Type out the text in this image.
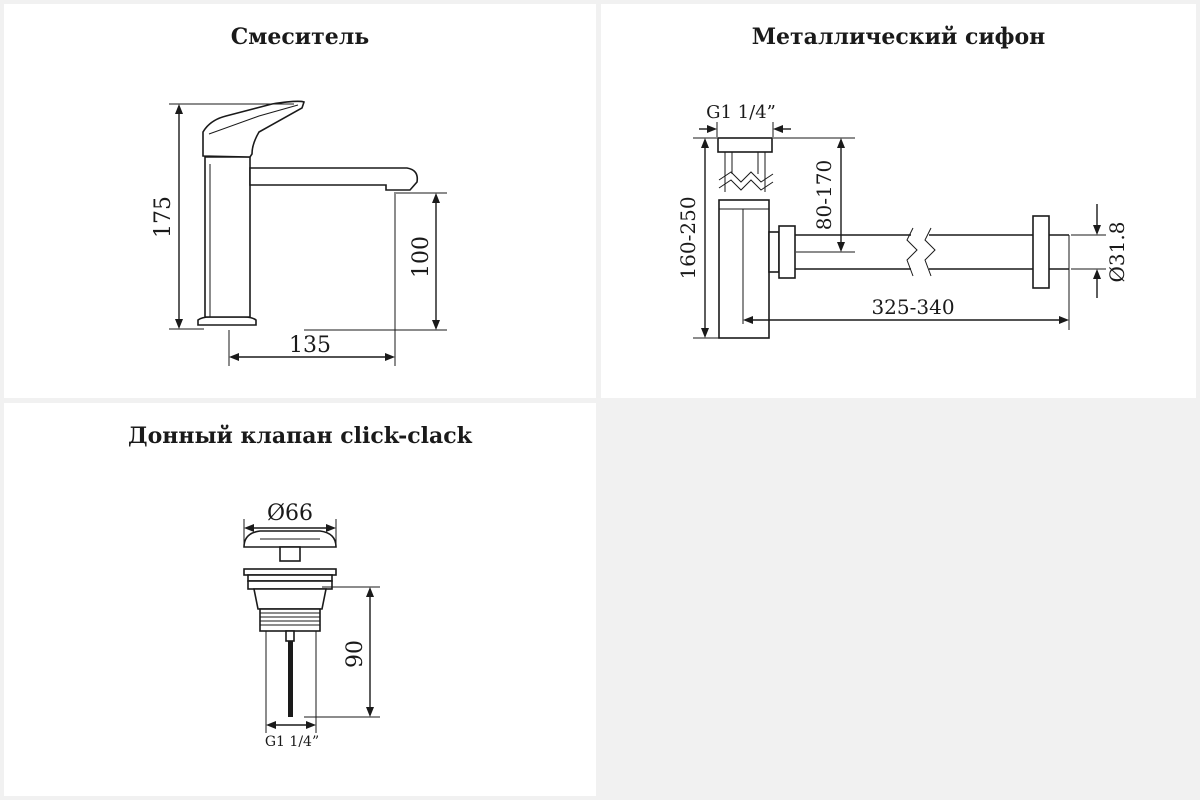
Смеситель
175
100
135
Металлический сифон
G1 1/4”
160-250
80-170
325-340
Ø31.8
Донный клапан click-clack
Ø66
90
G1 1/4”
